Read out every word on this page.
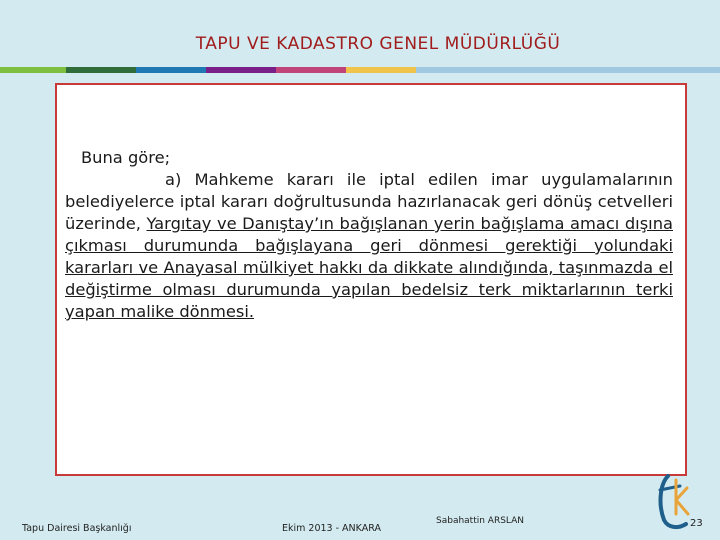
TAPU VE KADASTRO GENEL MÜDÜRLÜĞÜ
Buna göre;
a) Mahkeme kararı ile iptal edilen imar uygulamalarının belediyelerce iptal kararı doğrultusunda hazırlanacak geri dönüş cetvelleri üzerinde, Yargıtay ve Danıştay’ın bağışlanan yerin bağışlama amacı dışına çıkması durumunda bağışlayana geri dönmesi gerektiği yolundaki kararları ve Anayasal mülkiyet hakkı da dikkate alındığında, taşınmazda el değiştirme olması durumunda yapılan bedelsiz terk miktarlarının terki yapan malike dönmesi.
Tapu Dairesi Başkanlığı	Ekim 2013 - ANKARA
Sabahattin ARSLAN	23
